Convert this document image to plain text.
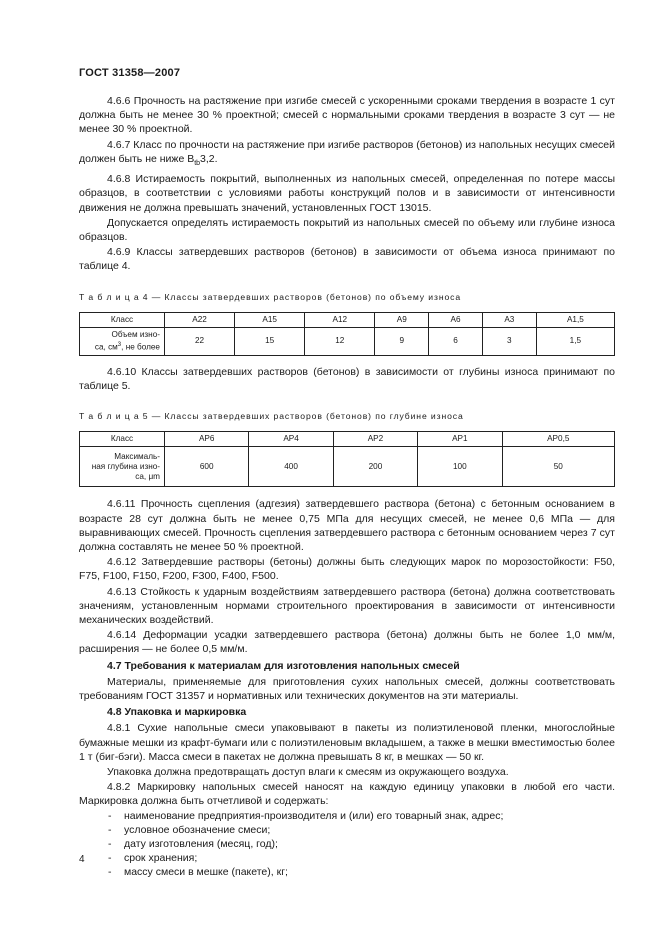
ГОСТ 31358—2007

4.6.6 Прочность на растяжение при изгибе смесей с ускоренными сроками твердения в возрасте 1 сут должна быть не менее 30 % проектной; смесей с нормальными сроками твердения в возрасте 3 сут — не менее 30 % проектной.

4.6.7 Класс по прочности на растяжение при изгибе растворов (бетонов) из напольных несущих смесей должен быть не ниже $B_{tb}3,2$.

4.6.8 Истираемость покрытий, выполненных из напольных смесей, определенная по потере массы образцов, в соответствии с условиями работы конструкций полов и в зависимости от интенсивности движения не должна превышать значений, установленных ГОСТ 13015.

Допускается определять истираемость покрытий из напольных смесей по объему или глубине износа образцов.

4.6.9 Классы затвердевших растворов (бетонов) в зависимости от объема износа принимают по таблице 4.

Т а б л и ц а 4 — Классы затвердевших растворов (бетонов) по объему износа

Класс	A22	A15	A12	A9	A6	A3	A1,5
Объем изно-
са, $см^3$, не более	22	15	12	9	6	3	1,5

4.6.10 Классы затвердевших растворов (бетонов) в зависимости от глубины износа принимают по таблице 5.

Т а б л и ц а 5 — Классы затвердевших растворов (бетонов) по глубине износа

Класс	AP6	AP4	AP2	AP1	AP0,5
Максималь-
ная глубина изно-
са, μm	600	400	200	100	50

4.6.11 Прочность сцепления (адгезия) затвердевшего раствора (бетона) с бетонным основанием в возрасте 28 сут должна быть не менее 0,75 МПа для несущих смесей, не менее 0,6 МПа — для выравнивающих смесей. Прочность сцепления затвердевшего раствора с бетонным основанием через 7 сут должна составлять не менее 50 % проектной.

4.6.12 Затвердевшие растворы (бетоны) должны быть следующих марок по морозостойкости: F50, F75, F100, F150, F200, F300, F400, F500.

4.6.13 Стойкость к ударным воздействиям затвердевшего раствора (бетона) должна соответствовать значениям, установленным нормами строительного проектирования в зависимости от интенсивности механических воздействий.

4.6.14 Деформации усадки затвердевшего раствора (бетона) должны быть не более 1,0 мм/м, расширения — не более 0,5 мм/м.

4.7 Требования к материалам для изготовления напольных смесей

Материалы, применяемые для приготовления сухих напольных смесей, должны соответствовать требованиям ГОСТ 31357 и нормативных или технических документов на эти материалы.

4.8 Упаковка и маркировка

4.8.1 Сухие напольные смеси упаковывают в пакеты из полиэтиленовой пленки, многослойные бумажные мешки из крафт-бумаги или с полиэтиленовым вкладышем, а также в мешки вместимостью более 1 т (биг-бэги). Масса смеси в пакетах не должна превышать 8 кг, в мешках — 50 кг.

Упаковка должна предотвращать доступ влаги к смесям из окружающего воздуха.

4.8.2 Маркировку напольных смесей наносят на каждую единицу упаковки в любой его части. Маркировка должна быть отчетливой и содержать:

- наименование предприятия-производителя и (или) его товарный знак, адрес;
- условное обозначение смеси;
- дату изготовления (месяц, год);
- срок хранения;
- массу смеси в мешке (пакете), кг;
4
